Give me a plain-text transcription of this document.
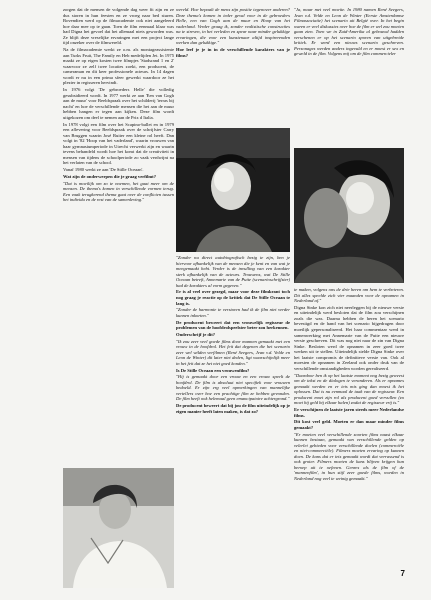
zorgen dat de mensen de volgende dag weer fit zijn en ze dus storen in hun feesten en ze vroeg naar bed sturen. Bovendien werd op de filmacademie ook niet aangeleerd hoe daar mee op te gaan. Toen de film eenmaal klaar was had Digna het gevoel dat het allemaal niets geworden was. Ze blijft deze vreselijke ervaringen met een project lange tijd onzeker over de filmwereld.

Na de filmacademie werkt ze o.m. als montageassistente aan Turks Fruit, The Family en Heb medelijden Jet. In 1975 maakt ze op eigen kosten twee filmpjes 'Stadsrand 1 en 2' waarvoor ze zelf twee locaties zoekt, een producent, de cameraman en dit keer professionele acteurs. In 14 dagen wordt er nu in een prima sfeer gewerkt waardoor ze het plezier in regisseren hervindt.

In 1976 volgt 'De gebroeders Helle' die volledig gesubsidieerd wordt. In 1977 werkt ze aan 'Een van Gogh aan de muur' voor Beeldspraak over het schilderij 'terras bij nacht' en hoe de verschillende mensen die het aan de muur hebben hangen er tegen aan kijken. Deze film wordt uitgekozen om deel te nemen aan de Prix d Italia.

In 1978 volgt een film over het Scapino-ballet en in 1979 een aflevering voor Beeldspraak over de schrijfster Carry van Bruggen waarin José Ruiter een kleine rol heeft. Dan volgt in '82 'Hoop van het vaderland', waarin vrouwen van haar gymnasiumperiode in Utrecht verwerkt zijn en waarin tevens behandeld wordt hoe het komt dat de creativiteit in mensen van tijdens de schoolperiode zo vaak verdwijnt na het verlaten van de school.

Vanaf 1980 werkt ze aan 'De Stille Oceaan'.

Wat zijn de onderwerpen die je graag verfilmt?

"Dat is moeilijk om zo te noemen, het gaat meer om de mensen. De thema's komen in verschillende vormen terug. Een vaak terugkerend thema gaat over de conflicten tussen het individu en de rest van de samenleving."

wereld. Hoe bepaalt de mens zijn positie tegenover anderen? Deze thema's komen in ieder geval voor in de gebroeders Helle, een van Gogh aan de muur en Hoop van het vaderland. Verder graag ik, zonder realistische constructies na te streven, in het verleden en spear naar minder gelukkige ervaringen, die voor een kunstenaar altijd inspirerenden werken dan gelukkige."

Hoe leef je je in in de verschillende karakters van je films?

"Zonder nu direct autobiografisch bezig te zijn, ben je hiervoor afhankelijk van de mensen die je kent en van wat je meegemaakt hebt. Verder is de invulling van een karakter sterk afhankelijk van de acteurs. Trouwens, wat De Stille Oceaan betreft, Annemarie van de Putte (scenarioschrijfster) had de karakters al vorm gegeven."

Er is al veel over gezegd, maar voor deze filmkrant toch nog graag je reactie op de kritiek dat De Stille Oceaan te lang is.

"Zonder de harmonie te verstoren had ik de film niet verder kunnen inkorten."

De producent beweert dat een vrouwelijk regisseur de problemen van de hoofdrolspeelster beter zou herkennen.

Onderschrijf je dit?

"Ik zou zeer veel goede films door mannen gemaakt met een vrouw in de hoofdrol. Het feit dat degenen die het scenario zeer wel wilden verfilmen (René Seegers, Jean v.d. Velde en Leon de Winter) dit later niet deden, ligt waarschijnlijk meer in het feit dat ze het niet goed konden."

Is De Stille Oceaan een vrouwenfilm?

"Hij is gemaakt door een vrouw en een vrouw speelt de hoofdrol. De film is absoluut niet specifiek voor vrouwen bedoeld. Er zijn erg veel opmerkingen van mannelijke vertellers over hoe een prachtige film ze hebben gevonden. De film heeft ook helemaal geen emancipatoire achtergrond."

De producent beweert dat bij jou de film uiteindelijk op je eigen manier heeft laten maken, is dat zo?

"Ja, maar met veel moeite. In 1980 namen René Seegers, Jean v.d. Velde en Leon de Winter (Eerste Amsterdamse Filmassociatie) het scenario uit België over. In het begin waren er veel diskussies over hoe de film er wel zou moeten gaan zien. Toen we in Zuid-Amerika al gebouwd hadden verschenen er op het scenario sporen van uitgebreide kritiek. Er werd een nieuws scenario geschreven. Personages werden anders ingevuld en er moest er sex en geweld in de film. Volgens mij om de film commercieler

te maken, volgens ons de drie heren om hem te verbeteren. Dit alles speelde zich vier maanden voor de opnamen in Nederland af."

Digna Sinke kon zich niet neerleggen bij de nieuwe versie en uiteindelijk werd besloten dat de film zou verschijnen zoals die was. Daarna hebben de heren het scenario bevestigd en de hand van het scenario bijgedragen door moeilijk gepersonaliseerd. Het haar commentaar werd in samenwerking met Annemarie van de Putte een nieuwe versie geschreven. Dit was nog niet naar de zin van Digna Sinke. Besloten werd de opnamen in zeer goed twee werken uit te stellen. Uiteindelijk stelde Digna Sinke over het laatste compromis de definitieve versie van. Ook al moesten de opnamen in Zeeland ook onder druk van de verschillende omstandigheden worden gerealiseerd.

"Daardoor ben ik op het laatste moment nog bezig geweest om de tekst en de dialogen te veranderen. Als er opnames gemaakt werden en er iets mis ging dan moest ik het oplossen. Dat is nu eenmaal de taak van de regisseur. Een producent moet zijn rol als producent goed vervullen (zo moet hij geld bij elkaar halen) zodat de regisseur vrij is."

Er verschijnen de laatste jaren steeds meer Nederlandse films.

Dit kost veel geld. Moeten er dan maar minder films gemaakt?

"Er moeten veel verschillende soorten films naast elkaar kunnen bestaan, gemaakt van verschillende gelden op velerlei gebieden voor verschillende doelen (commerciële en niet-commerciële). Filmers moeten ervaring op kunnen doen. De kans dat er iets gemaakt wordt dat verrassend is ook groter. Filmers moeten de kans blijven krijgen hun beroep uit te oefenen. Genres als de film of de 'mannenfilm', in hun stijl zeer goede films, worden in Nederland nog veel te weinig gemaakt."

7
